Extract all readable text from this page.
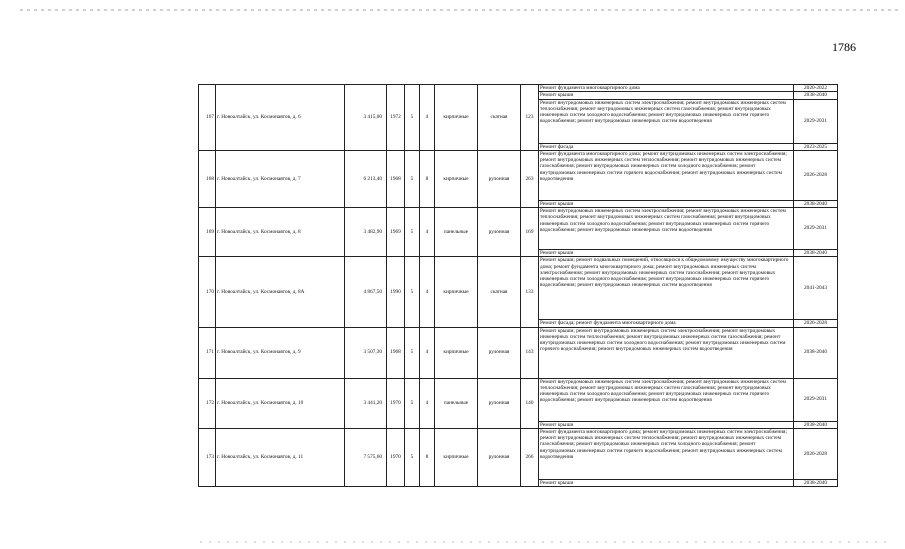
1786
167	г. Новоалтайск, ул. Космонавтов, д. 6	3 415,00	1972	5	4	кирпичные	скатная	123	Ремонт фундамента многоквартирного дома	2020-2022
									Ремонт крыши	2038-2040
									Ремонт внутридомовых инженерных систем электроснабжения; ремонт внутридомовых инженерных систем теплоснабжения; ремонт внутридомовых инженерных систем газоснабжения; ремонт внутридомовых инженерных систем холодного водоснабжения; ремонт внутридомовых инженерных систем горячего водоснабжения; ремонт внутридомовых инженерных систем водоотведения	2029-2031
									Ремонт фасада	2023-2025
168	г. Новоалтайск, ул. Космонавтов, д. 7	6 213,40	1968	5	8	кирпичные	рулонная	263	Ремонт фундамента многоквартирного дома; ремонт внутридомовых инженерных систем электроснабжения; ремонт внутридомовых инженерных систем теплоснабжения; ремонт внутридомовых инженерных систем газоснабжения; ремонт внутридомовых инженерных систем холодного водоснабжения; ремонт внутридомовых инженерных систем горячего водоснабжения; ремонт внутридомовых инженерных систем водоотведения	2026-2028
									Ремонт крыши	2038-2040
169	г. Новоалтайск, ул. Космонавтов, д. 8	3 482,90	1969	5	4	панельные	рулонная	169	Ремонт внутридомовых инженерных систем электроснабжения; ремонт внутридомовых инженерных систем теплоснабжения; ремонт внутридомовых инженерных систем газоснабжения; ремонт внутридомовых инженерных систем холодного водоснабжения; ремонт внутридомовых инженерных систем горячего водоснабжения; ремонт внутридомовых инженерных систем водоотведения	2029-2031
									Ремонт крыши	2038-2040
170	г. Новоалтайск, ул. Космонавтов, д. 8А	4 867,50	1990	5	4	кирпичные	скатная	133	Ремонт крыши; ремонт подвальных помещений, относящихся к общедомовому имуществу многоквартирного дома; ремонт фундамента многоквартирного дома; ремонт внутридомовых инженерных систем электроснабжения; ремонт внутридомовых инженерных систем газоснабжения; ремонт внутридомовых инженерных систем холодного водоснабжения; ремонт внутридомовых инженерных систем горячего водоснабжения; ремонт внутридомовых инженерных систем водоотведения	2041-2043
									Ремонт фасада; ремонт фундамента многоквартирного дома	2026-2028
171	г. Новоалтайск, ул. Космонавтов, д. 9	3 507,30	1968	5	4	кирпичные	рулонная	143	Ремонт крыши; ремонт внутридомовых инженерных систем электроснабжения; ремонт внутридомовых инженерных систем теплоснабжения; ремонт внутридомовых инженерных систем газоснабжения; ремонт внутридомовых инженерных систем холодного водоснабжения; ремонт внутридомовых инженерных систем горячего водоснабжения; ремонт внутридомовых инженерных систем водоотведения	2038-2040
172	г. Новоалтайск, ул. Космонавтов, д. 10	3 441,20	1970	5	4	панельные	рулонная	140	Ремонт внутридомовых инженерных систем электроснабжения; ремонт внутридомовых инженерных систем теплоснабжения; ремонт внутридомовых инженерных систем газоснабжения; ремонт внутридомовых инженерных систем холодного водоснабжения; ремонт внутридомовых инженерных систем горячего водоснабжения; ремонт внутридомовых инженерных систем водоотведения	2029-2031
									Ремонт крыши	2038-2040
173	г. Новоалтайск, ул. Космонавтов, д. 11	7 575,60	1970	5	8	кирпичные	рулонная	266	Ремонт фундамента многоквартирного дома; ремонт внутридомовых инженерных систем электроснабжения; ремонт внутридомовых инженерных систем теплоснабжения; ремонт внутридомовых инженерных систем газоснабжения; ремонт внутридомовых инженерных систем холодного водоснабжения; ремонт внутридомовых инженерных систем горячего водоснабжения; ремонт внутридомовых инженерных систем водоотведения	2026-2028
									Ремонт крыши	2038-2040
